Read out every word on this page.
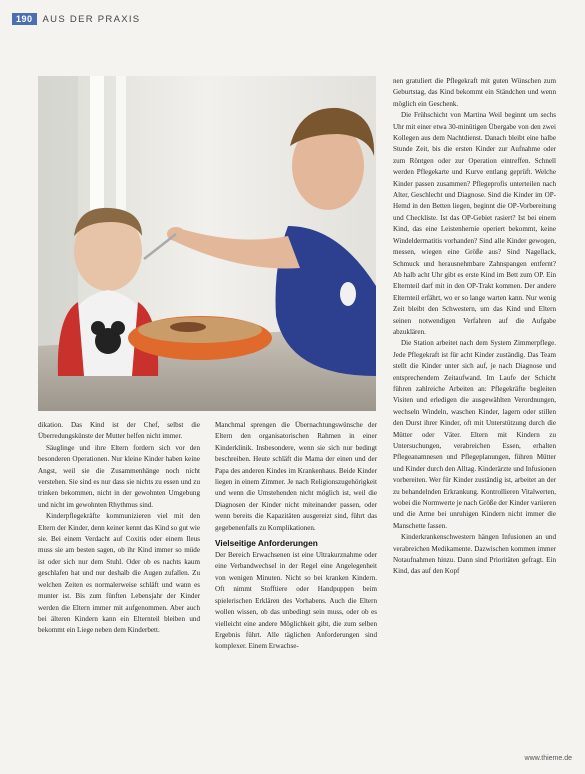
190	AUS DER PRAXIS

dikation. Das Kind ist der Chef, selbst die Überredungskünste der Mutter helfen nicht immer.

Säuglinge und ihre Eltern fordern sich vor den besonderen Operationen. Nur kleine Kinder haben keine Angst, weil sie die Zusammenhänge noch nicht verstehen. Sie sind es nur dass sie nichts zu essen und zu trinken bekommen, nicht in der gewohnten Umgebung und nicht im gewohnten Rhythmus sind.

Kinderpflegekräfte kommunizieren viel mit den Eltern der Kinder, denn keiner kennt das Kind so gut wie sie. Bei einem Verdacht auf Coxitis oder einem Ileus muss sie am besten sagen, ob ihr Kind immer so müde ist oder sich nur dem Stuhl. Oder ob es nachts kaum geschlafen hat und nur deshalb die Augen zufallen. Zu welchen Zeiten es normalerweise schläft und wann es munter ist. Bis zum fünften Lebensjahr der Kinder werden die Eltern immer mit aufgenommen. Aber auch bei älteren Kindern kann ein Elternteil bleiben und bekommt ein Liege neben dem Kinderbett.

Manchmal sprengen die Übernachtungswünsche der Eltern den organisatorischen Rahmen in einer Kinderklinik. Insbesondere, wenn sie sich nur bedingt beschreiben. Heute schläft die Mama der einen und der Papa des anderen Kindes im Krankenhaus. Beide Kinder liegen in einem Zimmer. Je nach Religionszugehörigkeit und wenn die Umstehenden nicht möglich ist, weil die Diagnosen der Kinder nicht miteinander passen, oder wenn bereits die Kapazitäten ausgereizt sind, führt das gegebenenfalls zu Komplikationen.

Vielseitige Anforderungen

Der Bereich Erwachsenen ist eine Ultrakurznahme oder eine Verbandwechsel in der Regel eine Angelegenheit von wenigen Minuten. Nicht so bei kranken Kindern. Oft nimmt Stofftiere oder Handpuppen beim spielerischen Erklären des Vorhabens. Auch die Eltern wollen wissen, ob das unbedingt sein muss, oder ob es vielleicht eine andere Möglichkeit gibt, die zum selben Ergebnis führt. Alle täglichen Anforderungen sind komplexer. Einem Erwachse-

nen gratuliert die Pflegekraft mit guten Wünschen zum Geburtstag, das Kind bekommt ein Ständchen und wenn möglich ein Geschenk.

Die Frühschicht von Martina Weil beginnt um sechs Uhr mit einer etwa 30-minütigen Übergabe von den zwei Kollegen aus dem Nachtdienst. Danach bleibt eine halbe Stunde Zeit, bis die ersten Kinder zur Aufnahme oder zum Röntgen oder zur Operation eintreffen. Schnell werden Pflegekarte und Kurve entlang geprüft. Welche Kinder passen zusammen? Pflegeprofis unterteilen nach Alter, Geschlecht und Diagnose. Sind die Kinder im OP-Hemd in den Betten liegen, beginnt die OP-Vorbereitung und Checkliste. Ist das OP-Gebiet rasiert? Ist bei einem Kind, das eine Leistenhernie operiert bekommt, keine Windeldermatitis vorhanden? Sind alle Kinder gewogen, messen, wiegen eine Größe aus? Sind Nagellack, Schmuck und herausnehmbare Zahnspangen entfernt? Ab halb acht Uhr gibt es erste Kind im Bett zum OP. Ein Elternteil darf mit in den OP-Trakt kommen. Der andere Elternteil erfährt, wo er so lange warten kann. Nur wenig Zeit bleibt den Schwestern, um das Kind und Eltern seinen notwendigen Verfahren auf die Aufgabe abzuklären.

Die Station arbeitet nach dem System Zimmerpflege. Jede Pflegekraft ist für acht Kinder zuständig. Das Team stellt die Kinder unter sich auf, je nach Diagnose und entsprechendem Zeitaufwand. Im Laufe der Schicht führen zahlreiche Arbeiten an: Pflegekräfte begleiten Visiten und erledigen die ausgewählten Verordnungen, wechseln Windeln, waschen Kinder, lagern oder stillen den Durst ihrer Kinder, oft mit Unterstützung durch die Mütter oder Väter. Eltern mit Kindern zu Untersuchungen, verabreichen Essen, erhalten Pflegeanamnesen und Pflegeplanungen, führen Mütter und Kinder durch den Alltag. Kinderärzte und Infusionen vorbereiten. Wer für Kinder zuständig ist, arbeitet an der zu behandelnden Erkrankung. Kontrollieren Vitalwerten, wobei die Normwerte je nach Größe der Kinder variieren und die Arme bei unruhigen Kindern nicht immer die Manschette fassen.

Kinderkrankenschwestern hängen Infusionen an und verabreichen Medikamente. Dazwischen kommen immer Notaufnahmen hinzu. Dann sind Prioritäten gefragt. Ein Kind, das auf den Kopf

www.thieme.de
